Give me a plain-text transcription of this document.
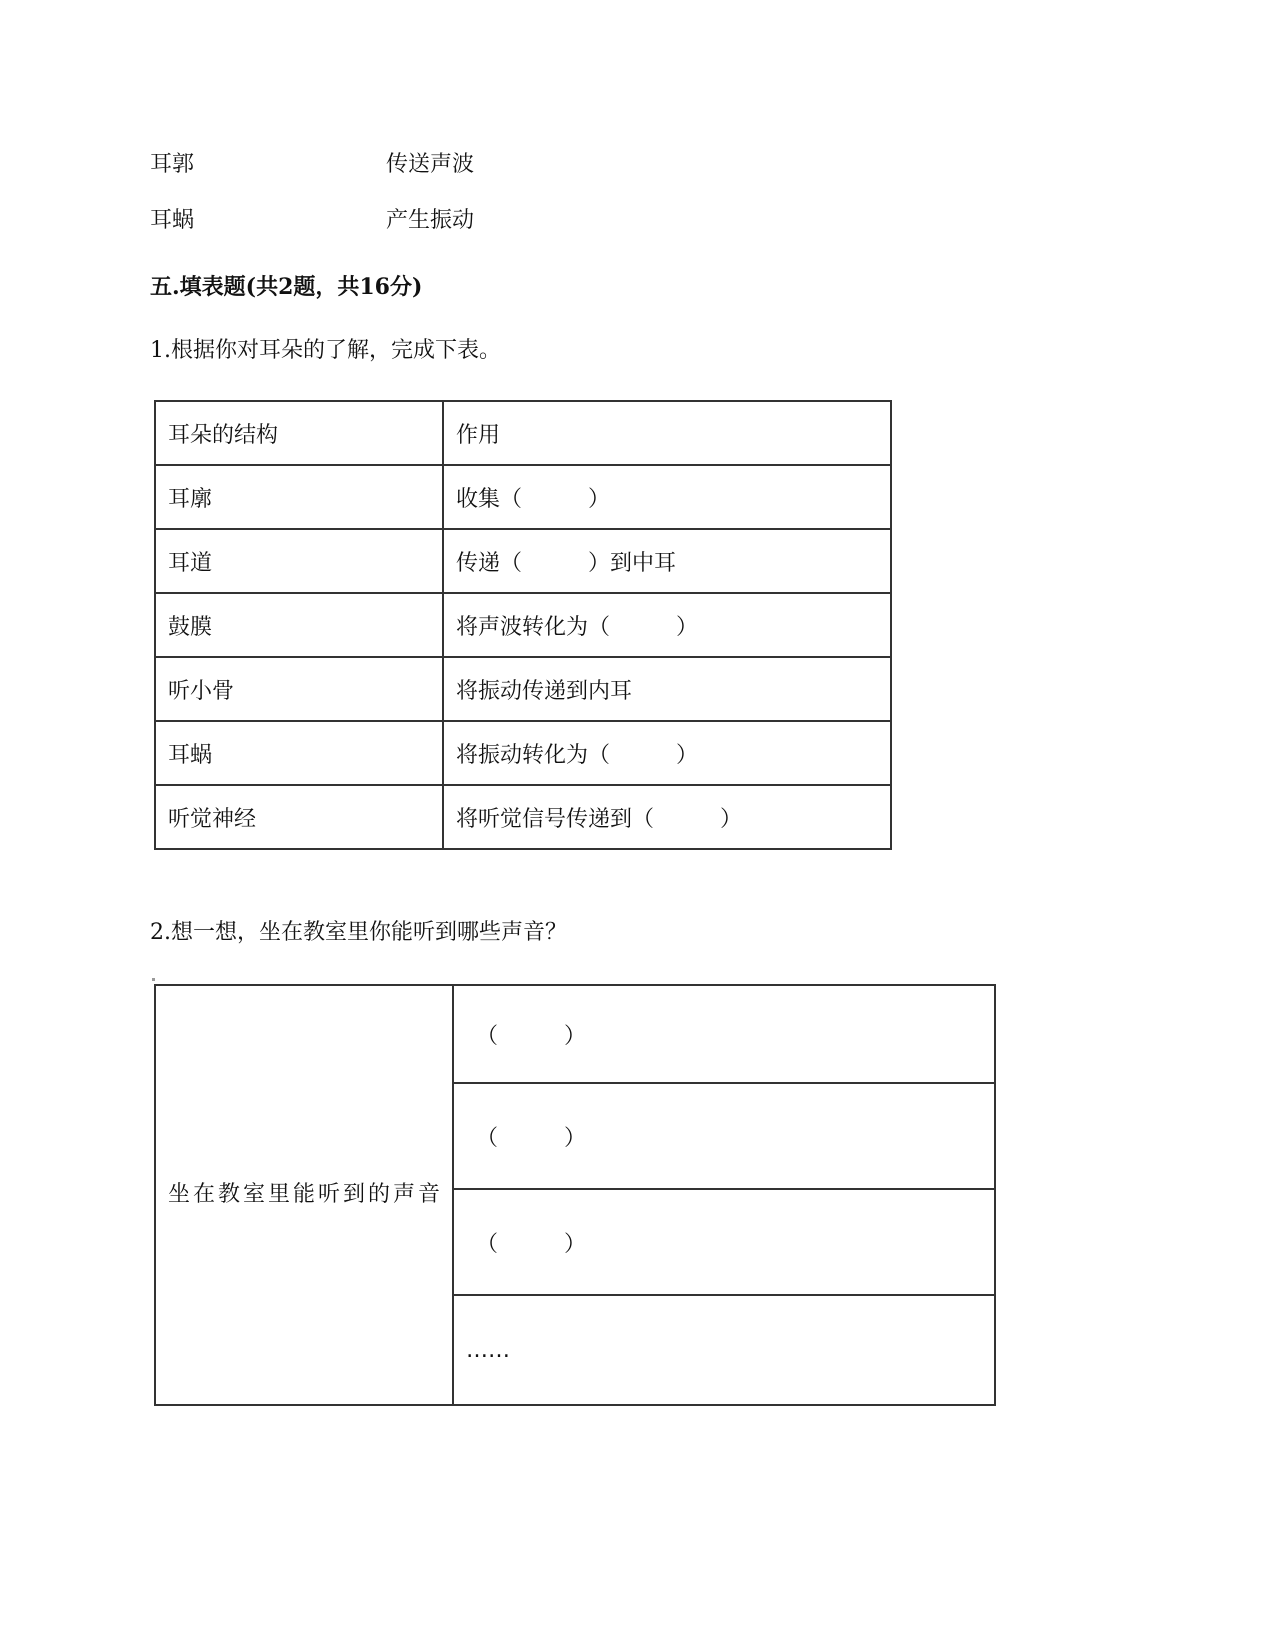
耳郭	传送声波
耳蜗	产生振动
五.填表题(共2题，共16分)
1.根据你对耳朵的了解，完成下表。
耳朵的结构	作用
耳廓	收集（　　　）
耳道	传递（　　　）到中耳
鼓膜	将声波转化为（　　　）
听小骨	将振动传递到内耳
耳蜗	将振动转化为（　　　）
听觉神经	将听觉信号传递到（　　　）
2.想一想，坐在教室里你能听到哪些声音？
坐在教室里能听到的声音	（　　　）
（　　　）
（　　　）
……
